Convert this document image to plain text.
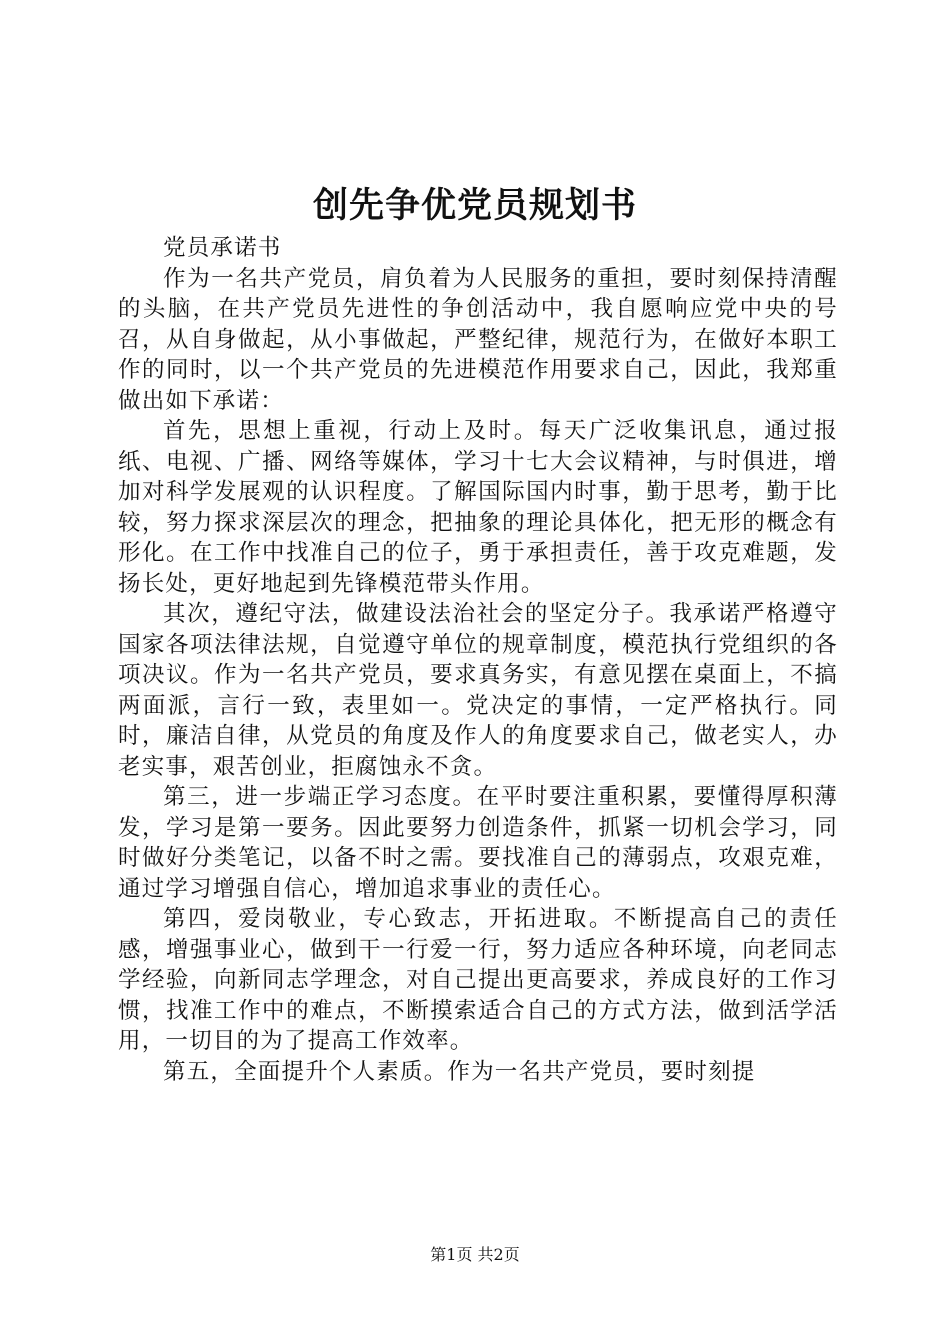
创先争优党员规划书

党员承诺书

作为一名共产党员，肩负着为人民服务的重担，要时刻保持清醒的头脑，在共产党员先进性的争创活动中，我自愿响应党中央的号召，从自身做起，从小事做起，严整纪律，规范行为，在做好本职工作的同时，以一个共产党员的先进模范作用要求自己，因此，我郑重做出如下承诺：

首先，思想上重视，行动上及时。每天广泛收集讯息，通过报纸、电视、广播、网络等媒体，学习十七大会议精神，与时俱进，增加对科学发展观的认识程度。了解国际国内时事，勤于思考，勤于比较，努力探求深层次的理念，把抽象的理论具体化，把无形的概念有形化。在工作中找准自己的位子，勇于承担责任，善于攻克难题，发扬长处，更好地起到先锋模范带头作用。

其次，遵纪守法，做建设法治社会的坚定分子。我承诺严格遵守国家各项法律法规，自觉遵守单位的规章制度，模范执行党组织的各项决议。作为一名共产党员，要求真务实，有意见摆在桌面上，不搞两面派，言行一致，表里如一。党决定的事情，一定严格执行。同时，廉洁自律，从党员的角度及作人的角度要求自己，做老实人，办老实事，艰苦创业，拒腐蚀永不贪。

第三，进一步端正学习态度。在平时要注重积累，要懂得厚积薄发，学习是第一要务。因此要努力创造条件，抓紧一切机会学习，同时做好分类笔记，以备不时之需。要找准自己的薄弱点，攻艰克难，通过学习增强自信心，增加追求事业的责任心。

第四，爱岗敬业，专心致志，开拓进取。不断提高自己的责任感，增强事业心，做到干一行爱一行，努力适应各种环境，向老同志学经验，向新同志学理念，对自己提出更高要求，养成良好的工作习惯，找准工作中的难点，不断摸索适合自己的方式方法，做到活学活用，一切目的为了提高工作效率。

第五，全面提升个人素质。作为一名共产党员，要时刻提

第1页 共2页
